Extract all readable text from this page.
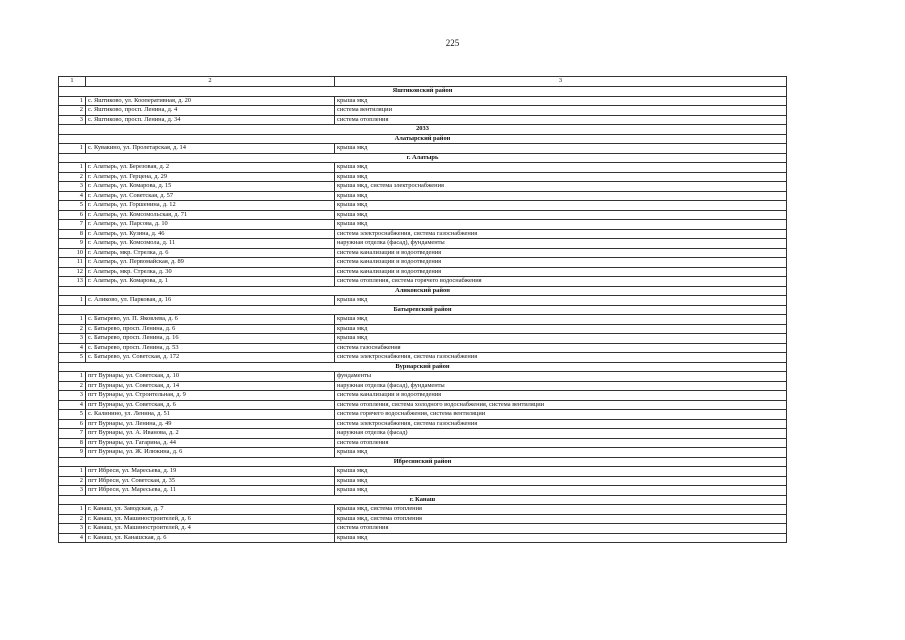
225
1	2	3
Яштиковский район		
1	с. Яштиково, ул. Кооперативная, д. 20	крыша мкд
2	с. Яштиково, просп. Ленина, д. 4	система вентиляции
3	с. Яштиково, просп. Ленина, д. 34	система отопления
2033		
Алатырский район		
1	с. Кувакино, ул. Пролетарская, д. 14	крыша мкд
г. Алатырь		
1	г. Алатырь, ул. Березовая, д. 2	крыша мкд
2	г. Алатырь, ул. Герцена, д. 29	крыша мкд
3	г. Алатырь, ул. Комарова, д. 15	крыша мкд, система электроснабжения
4	г. Алатырь, ул. Советская, д. 57	крыша мкд
5	г. Алатырь, ул. Горшенина, д. 12	крыша мкд
6	г. Алатырь, ул. Комсомольская, д. 71	крыша мкд
7	г. Алатырь, ул. Парсова, д. 10	крыша мкд
8	г. Алатырь, ул. Кузина, д. 46	система электроснабжения, система газоснабжения
9	г. Алатырь, ул. Комсомола, д. 11	наружная отделка (фасад), фундаменты
10	г. Алатырь, мкр. Стрелка, д. 6	система канализации и водоотведения
11	г. Алатырь, ул. Первомайская, д. 89	система канализации и водоотведения
12	г. Алатырь, мкр. Стрелка, д. 30	система канализации и водоотведения
13	г. Алатырь, ул. Комарова, д. 1	система отопления, система горячего водоснабжения
Аликовский район		
1	с. Аликово, ул. Парковая, д. 16	крыша мкд
Батыревский район		
1	с. Батырево, ул. П. Яковлева, д. 6	крыша мкд
2	с. Батырево, просп. Ленина, д. 6	крыша мкд
3	с. Батырево, просп. Ленина, д. 16	крыша мкд
4	с. Батырево, просп. Ленина, д. 53	система газоснабжения
5	с. Батырево, ул. Советская, д. 172	система электроснабжения, система газоснабжения
Вурнарский район		
1	пгт Вурнары, ул. Советская, д. 10	фундаменты
2	пгт Вурнары, ул. Советская, д. 14	наружная отделка (фасад), фундаменты
3	пгт Вурнары, ул. Строительная, д. 9	система канализации и водоотведения
4	пгт Вурнары, ул. Советская, д. 6	система отопления, система холодного водоснабжения, система вентиляции
5	с. Калинино, ул. Ленина, д. 51	система горячего водоснабжения, система вентиляции
6	пгт Вурнары, ул. Ленина, д. 49	система электроснабжения, система газоснабжения
7	пгт Вурнары, ул. А. Иванова, д. 2	наружная отделка (фасад)
8	пгт Вурнары, ул. Гагарина, д. 44	система отопления
9	пгт Вурнары, ул. Ж. Илюкина, д. 6	крыша мкд
Ибресинский район		
1	пгт Ибреси, ул. Маресьева, д. 19	крыша мкд
2	пгт Ибреси, ул. Советская, д. 35	крыша мкд
3	пгт Ибреси, ул. Маресьева, д. 11	крыша мкд
г. Канаш		
1	г. Канаш, ул. Заводская, д. 7	крыша мкд, система отопления
2	г. Канаш, ул. Машиностроителей, д. 6	крыша мкд, система отопления
3	г. Канаш, ул. Машиностроителей, д. 4	система отопления
4	г. Канаш, ул. Канашская, д. 6	крыша мкд
